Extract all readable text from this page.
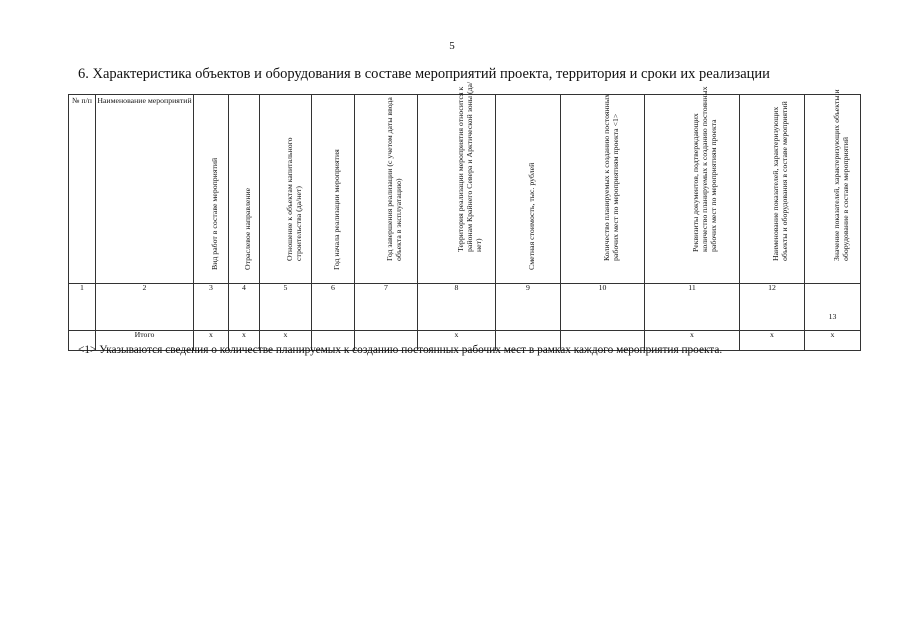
5
6. Характеристика объектов и оборудования в составе мероприятий проекта, территория и сроки их реализации
№ п/п	Наименование мероприятий	Вид работ в составе мероприятий	Отраслевое направление	Отношение к объектам капитального строительства (да/нет)	Год начала реализации мероприятия	Год завершения реализации (с учетом даты ввода объекта в эксплуатацию)	Территория реализации мероприятия относится к районам Крайнего Севера и Арктической зоны (да/нет)	Сметная стоимость, тыс. рублей	Количество планируемых к созданию постоянных рабочих мест по мероприятиям проекта <1>	Реквизиты документов, подтверждающих количество планируемых к созданию постоянных рабочих мест по мероприятиям проекта	Наименование показателей, характеризующих объекты и оборудования в составе мероприятий	Значение показателей, характеризующих объекты и оборудование в составе мероприятий

1	2	3	4	5	6	7	8	9	10	11	12	13
	Итого	x	x	x			x			x	x	x
<1> Указываются сведения о количестве планируемых к созданию постоянных рабочих мест в рамках каждого мероприятия проекта.
